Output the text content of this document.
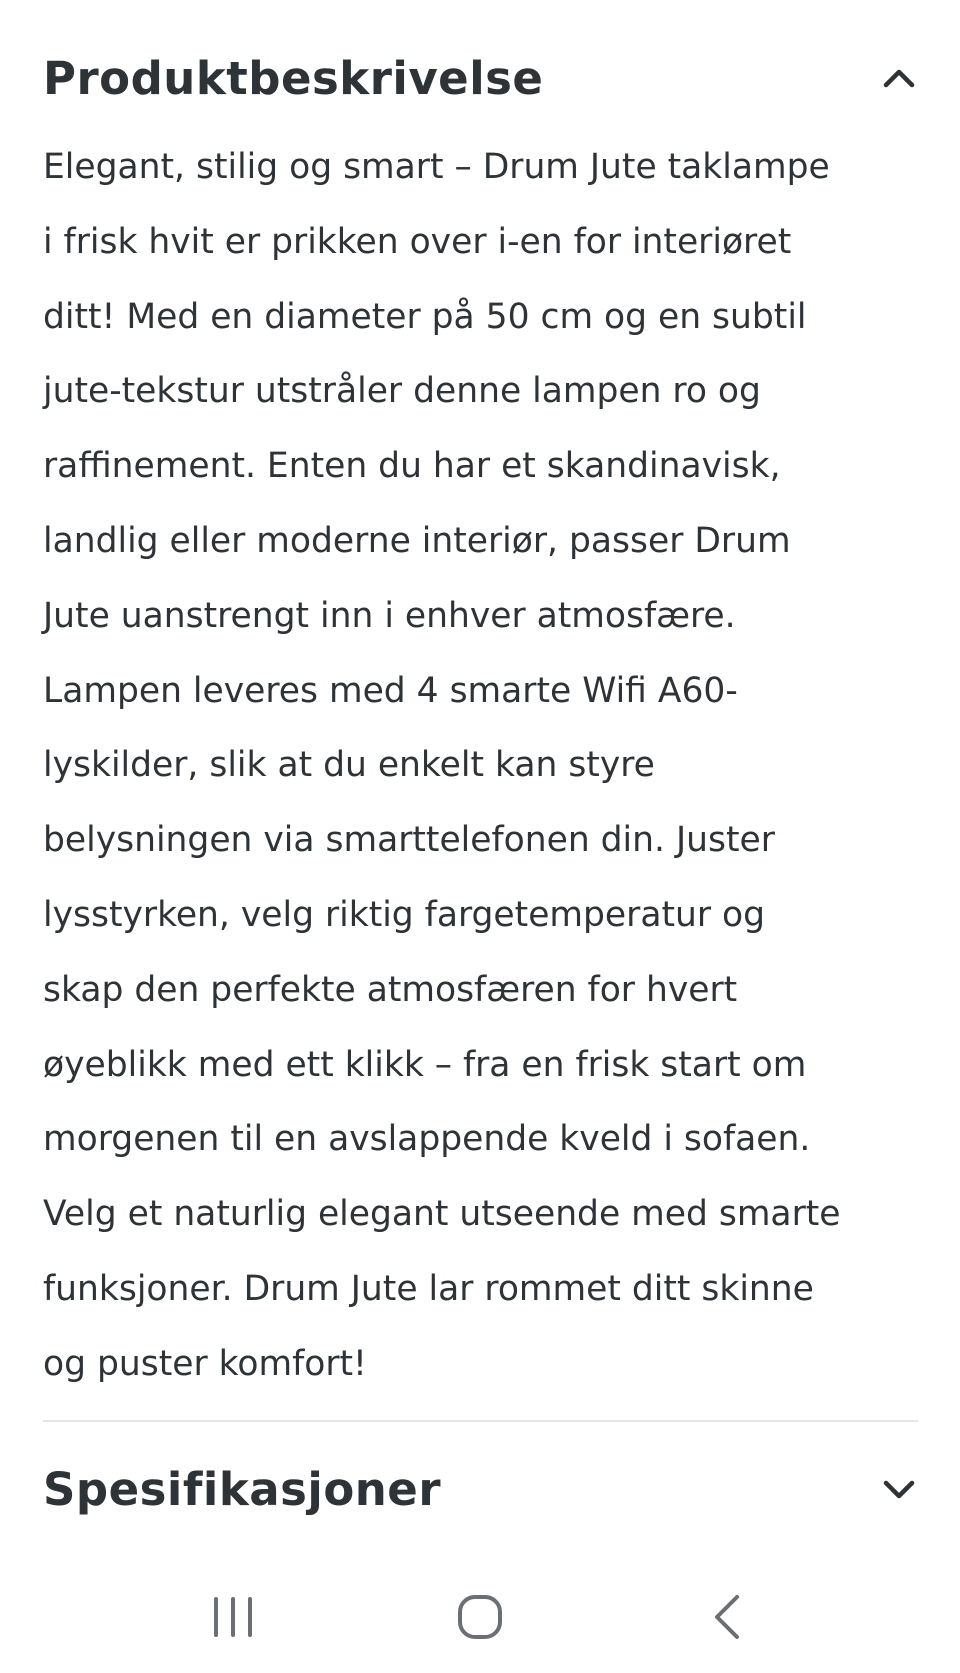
Produktbeskrivelse

Elegant, stilig og smart – Drum Jute taklampe
i frisk hvit er prikken over i-en for interiøret
ditt! Med en diameter på 50 cm og en subtil
jute-tekstur utstråler denne lampen ro og
raffinement. Enten du har et skandinavisk,
landlig eller moderne interiør, passer Drum
Jute uanstrengt inn i enhver atmosfære.
Lampen leveres med 4 smarte Wifi A60-
lyskilder, slik at du enkelt kan styre
belysningen via smarttelefonen din. Juster
lysstyrken, velg riktig fargetemperatur og
skap den perfekte atmosfæren for hvert
øyeblikk med ett klikk – fra en frisk start om
morgenen til en avslappende kveld i sofaen.
Velg et naturlig elegant utseende med smarte
funksjoner. Drum Jute lar rommet ditt skinne
og puster komfort!

Spesifikasjoner
